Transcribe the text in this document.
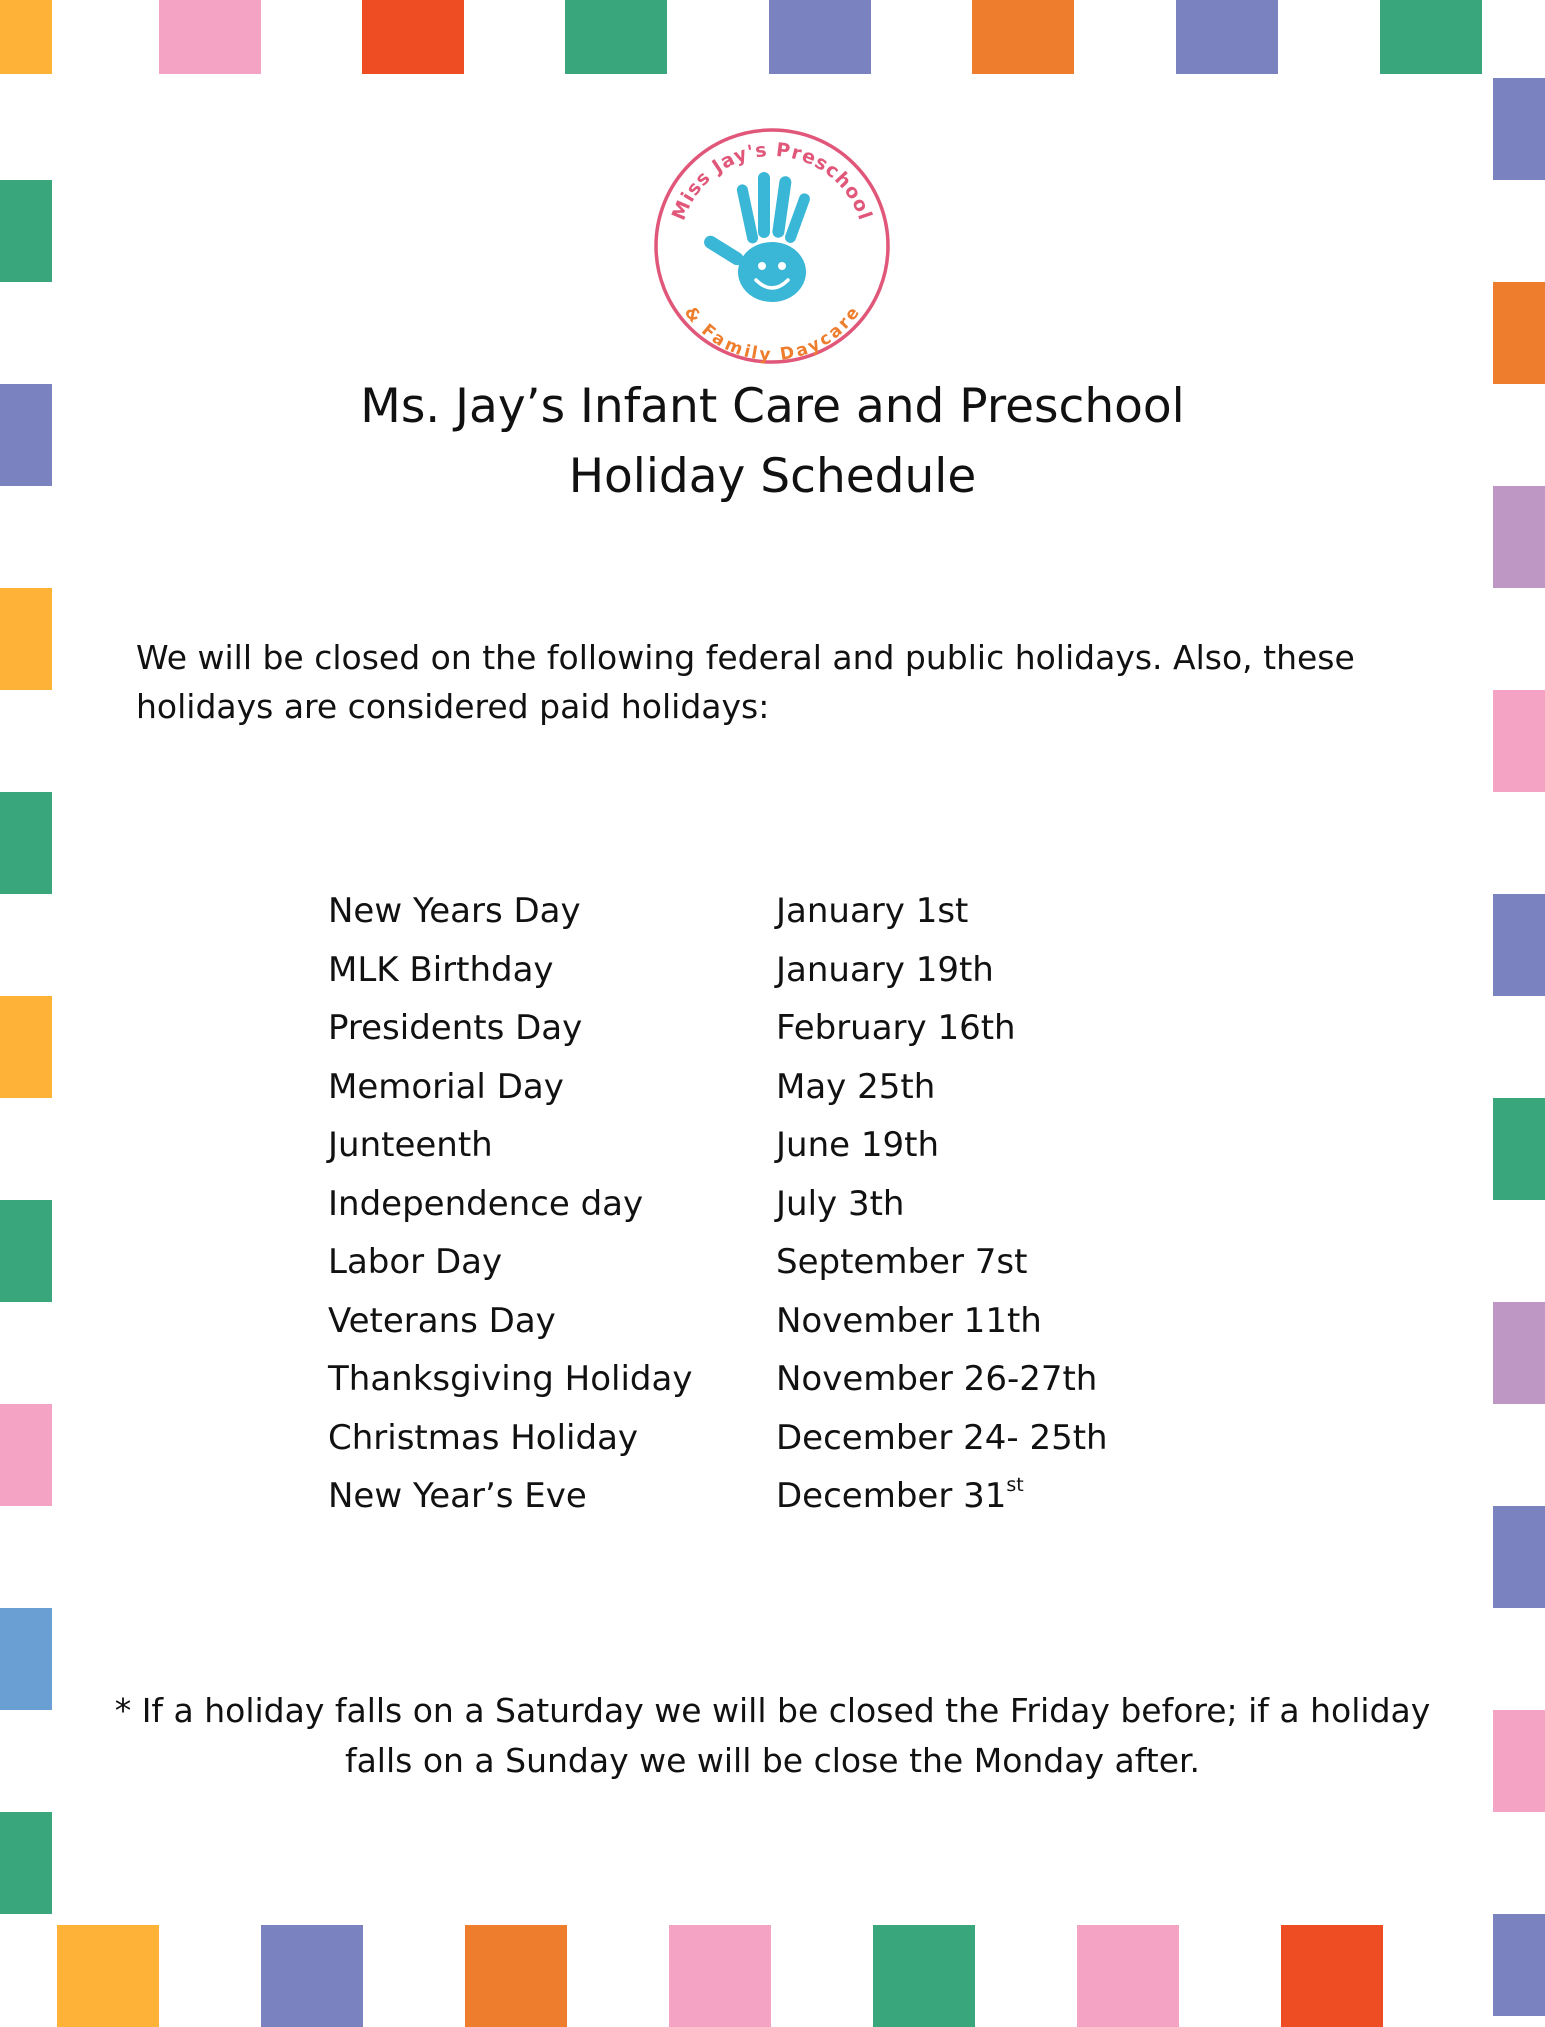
Miss Jay's Preschool
& Family Daycare
Ms. Jay’s Infant Care and Preschool
Holiday Schedule
We will be closed on the following federal and public holidays. Also, these
holidays are considered paid holidays:
New Years Day	January 1st
MLK Birthday	January 19th
Presidents Day	February 16th
Memorial Day	May 25th
Junteenth	June 19th
Independence day	July 3th
Labor Day	September 7st
Veterans Day	November 11th
Thanksgiving Holiday November 26-27th
Christmas Holiday	December 24- 25th
New Year’s Eve	December 31st
* If a holiday falls on a Saturday we will be closed the Friday before; if a holiday
falls on a Sunday we will be close the Monday after.
